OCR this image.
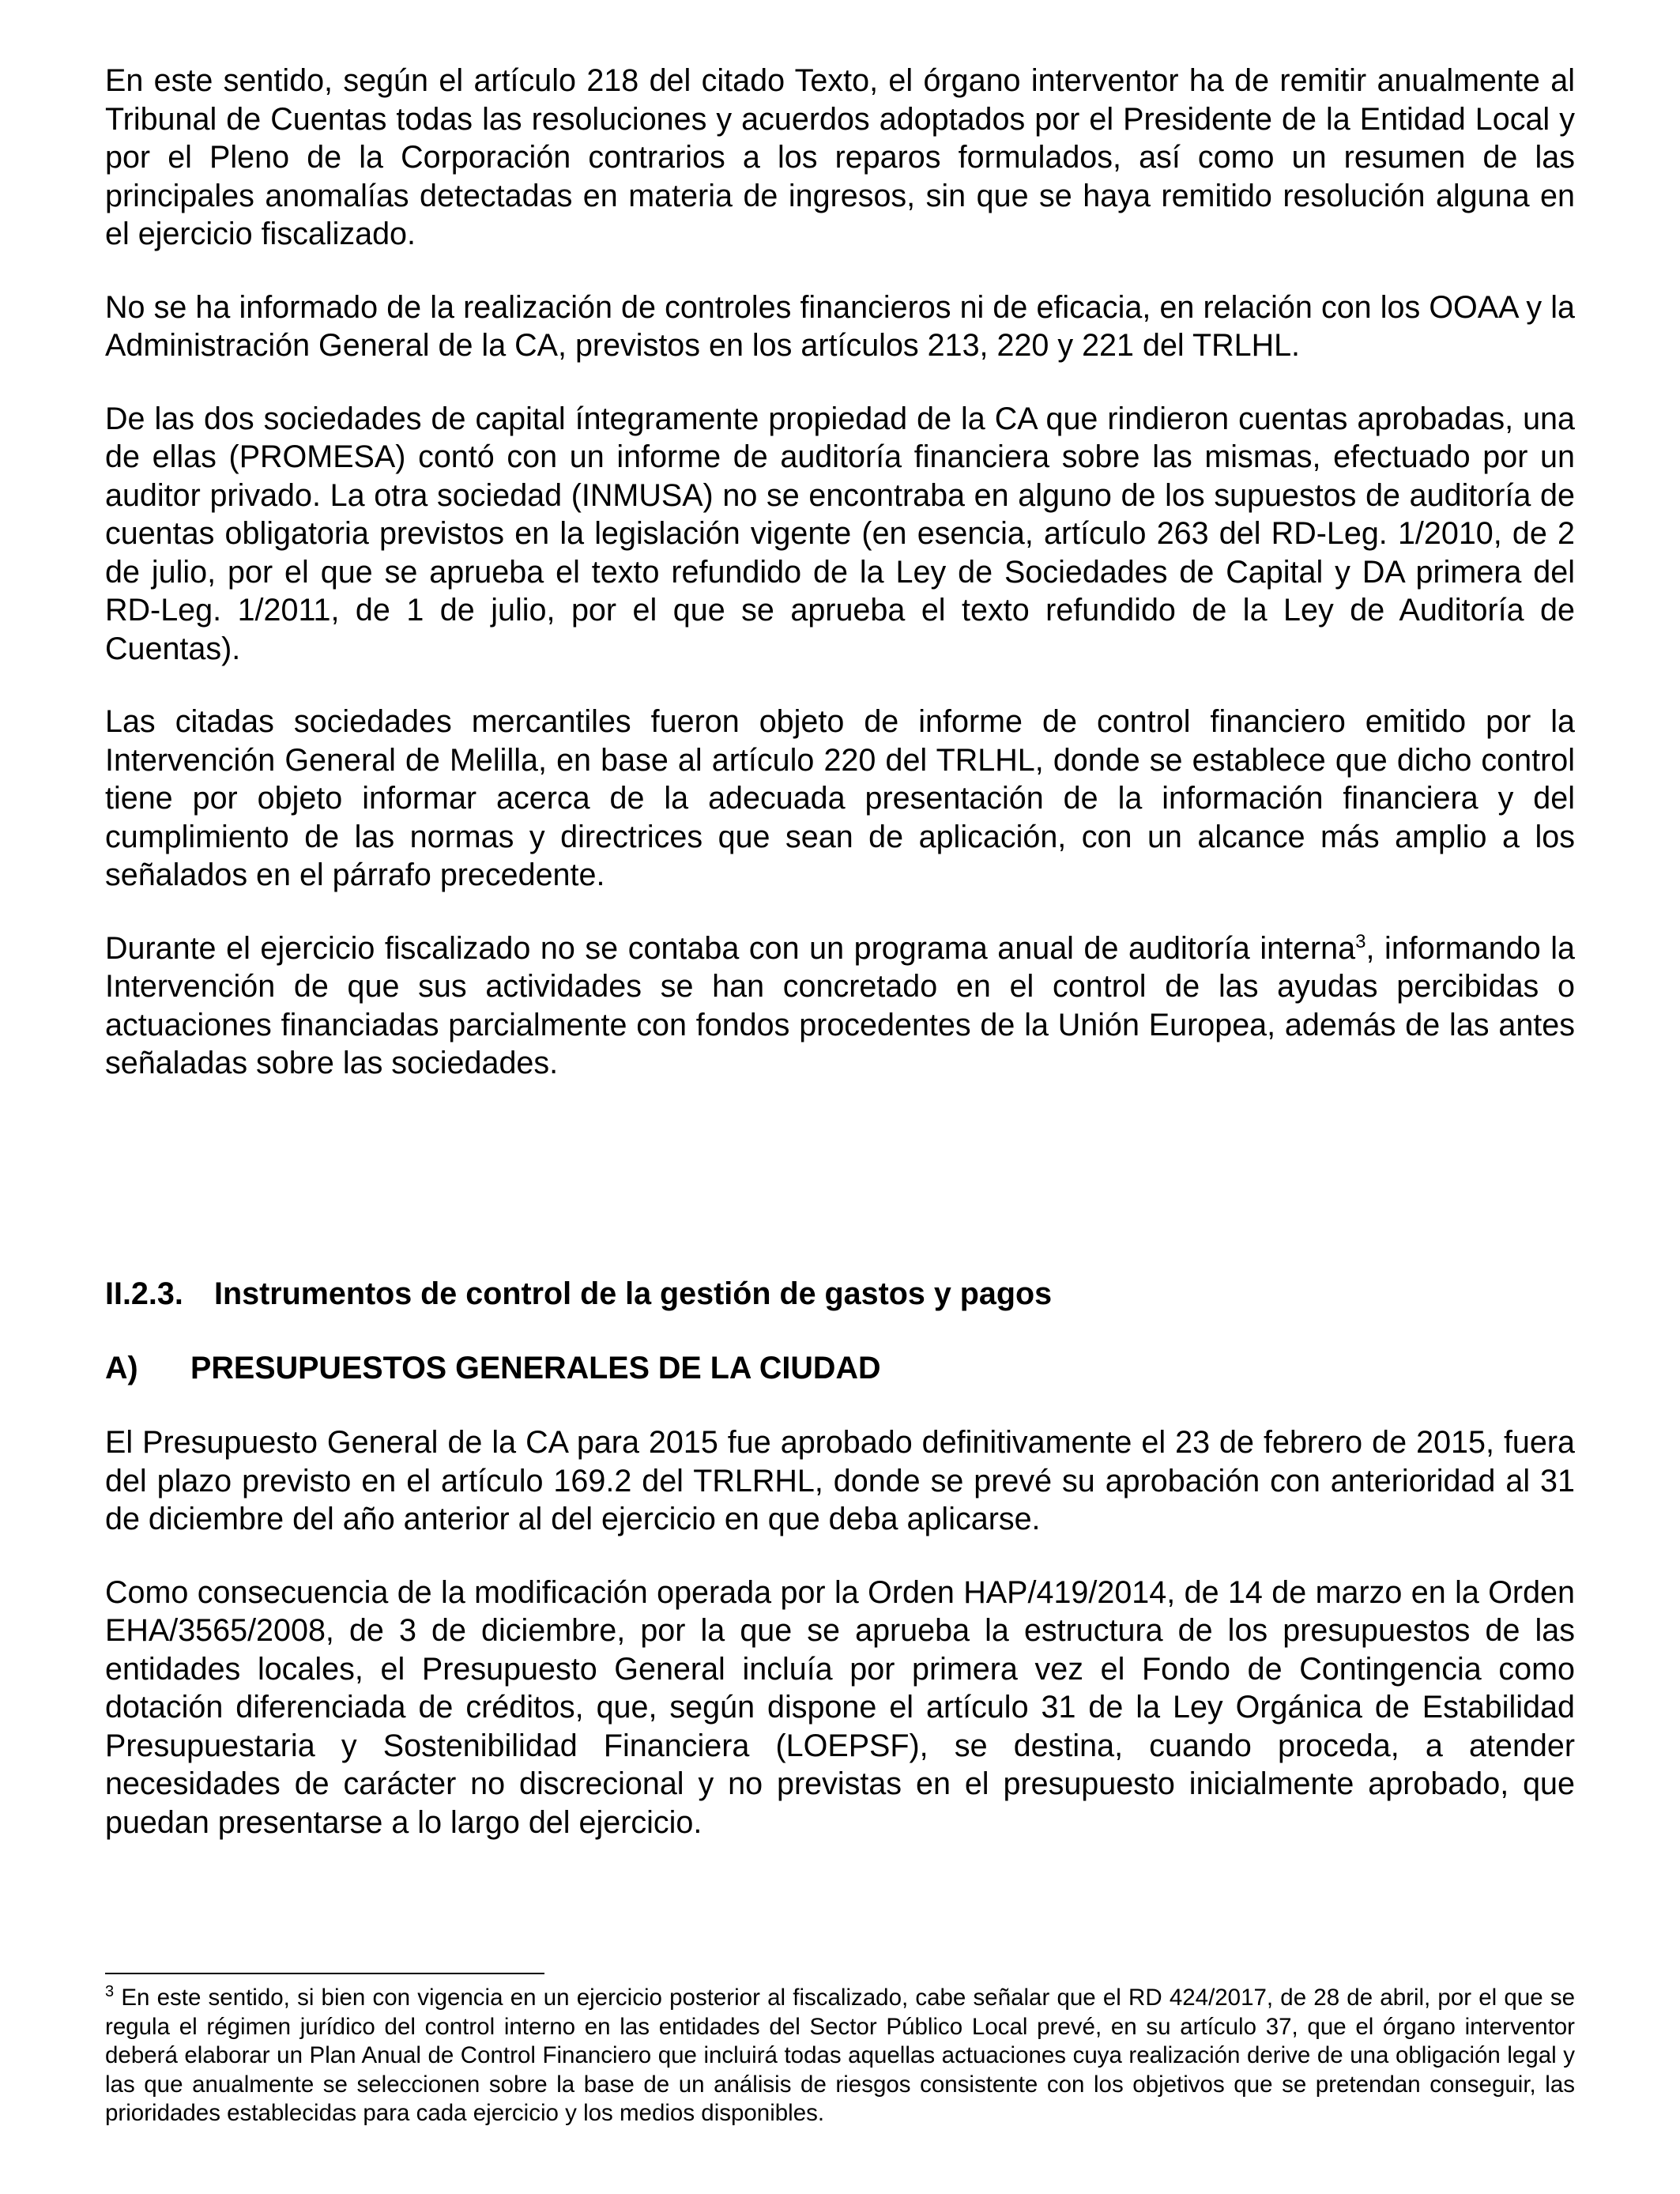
En este sentido, según el artículo 218 del citado Texto, el órgano interventor ha de remitir anualmente al Tribunal de Cuentas todas las resoluciones y acuerdos adoptados por el Presidente de la Entidad Local y por el Pleno de la Corporación contrarios a los reparos formulados, así como un resumen de las principales anomalías detectadas en materia de ingresos, sin que se haya remitido resolución alguna en el ejercicio fiscalizado.

No se ha informado de la realización de controles financieros ni de eficacia, en relación con los OOAA y la Administración General de la CA, previstos en los artículos 213, 220 y 221 del TRLHL.

De las dos sociedades de capital íntegramente propiedad de la CA que rindieron cuentas aprobadas, una de ellas (PROMESA) contó con un informe de auditoría financiera sobre las mismas, efectuado por un auditor privado. La otra sociedad (INMUSA) no se encontraba en alguno de los supuestos de auditoría de cuentas obligatoria previstos en la legislación vigente (en esencia, artículo 263 del RD-Leg. 1/2010, de 2 de julio, por el que se aprueba el texto refundido de la Ley de Sociedades de Capital y DA primera del RD-Leg. 1/2011, de 1 de julio, por el que se aprueba el texto refundido de la Ley de Auditoría de Cuentas).

Las citadas sociedades mercantiles fueron objeto de informe de control financiero emitido por la Intervención General de Melilla, en base al artículo 220 del TRLHL, donde se establece que dicho control tiene por objeto informar acerca de la adecuada presentación de la información financiera y del cumplimiento de las normas y directrices que sean de aplicación, con un alcance más amplio a los señalados en el párrafo precedente.

Durante el ejercicio fiscalizado no se contaba con un programa anual de auditoría interna$^3$, informando la Intervención de que sus actividades se han concretado en el control de las ayudas percibidas o actuaciones financiadas parcialmente con fondos procedentes de la Unión Europea, además de las antes señaladas sobre las sociedades.

II.2.3. Instrumentos de control de la gestión de gastos y pagos
A) PRESUPUESTOS GENERALES DE LA CIUDAD

El Presupuesto General de la CA para 2015 fue aprobado definitivamente el 23 de febrero de 2015, fuera del plazo previsto en el artículo 169.2 del TRLRHL, donde se prevé su aprobación con anterioridad al 31 de diciembre del año anterior al del ejercicio en que deba aplicarse.

Como consecuencia de la modificación operada por la Orden HAP/419/2014, de 14 de marzo en la Orden EHA/3565/2008, de 3 de diciembre, por la que se aprueba la estructura de los presupuestos de las entidades locales, el Presupuesto General incluía por primera vez el Fondo de Contingencia como dotación diferenciada de créditos, que, según dispone el artículo 31 de la Ley Orgánica de Estabilidad Presupuestaria y Sostenibilidad Financiera (LOEPSF), se destina, cuando proceda, a atender necesidades de carácter no discrecional y no previstas en el presupuesto inicialmente aprobado, que puedan presentarse a lo largo del ejercicio.

$^3$ En este sentido, si bien con vigencia en un ejercicio posterior al fiscalizado, cabe señalar que el RD 424/2017, de 28 de abril, por el que se regula el régimen jurídico del control interno en las entidades del Sector Público Local prevé, en su artículo 37, que el órgano interventor deberá elaborar un Plan Anual de Control Financiero que incluirá todas aquellas actuaciones cuya realización derive de una obligación legal y las que anualmente se seleccionen sobre la base de un análisis de riesgos consistente con los objetivos que se pretendan conseguir, las prioridades establecidas para cada ejercicio y los medios disponibles.
